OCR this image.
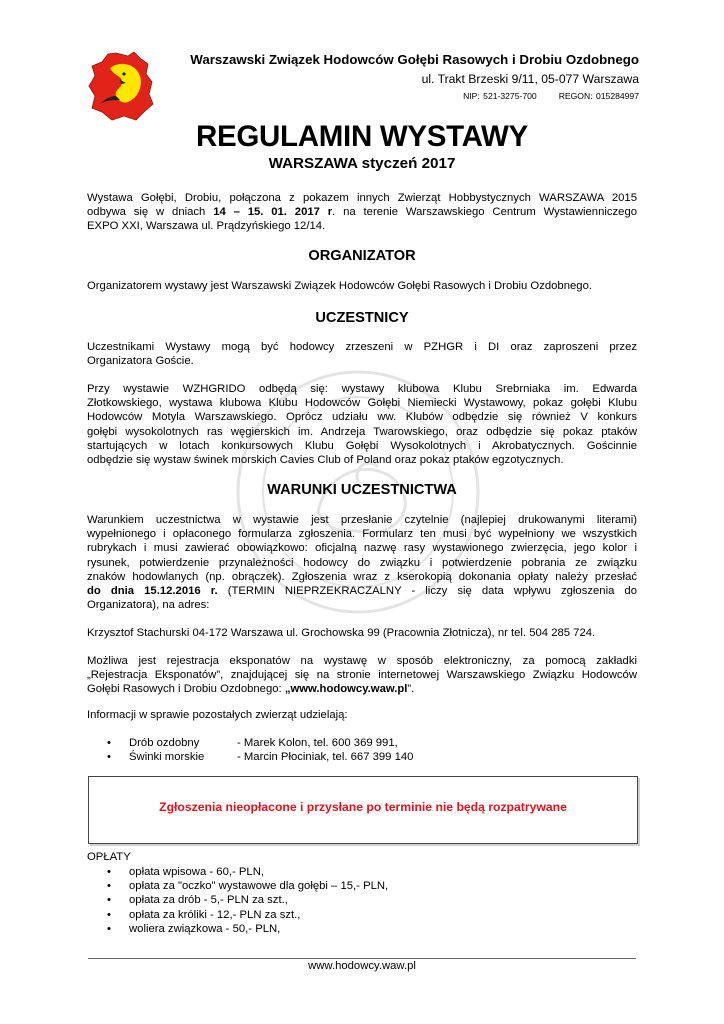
Warszawski Związek Hodowców Gołębi Rasowych i Drobiu Ozdobnego
ul. Trakt Brzeski 9/11, 05-077 Warszawa
NIP: 521-3275-700	REGON: 015284997
REGULAMIN WYSTAWY
WARSZAWA styczeń 2017
Wystawa Gołębi, Drobiu, połączona z pokazem innych Zwierząt Hobbystycznych WARSZAWA 2015
odbywa się w dniach 14 – 15. 01. 2017 r. na terenie Warszawskiego Centrum Wystawienniczego
EXPO XXI, Warszawa ul. Prądzyńskiego 12/14.
ORGANIZATOR
Organizatorem wystawy jest Warszawski Związek Hodowców Gołębi Rasowych i Drobiu Ozdobnego.
UCZESTNICY
Uczestnikami Wystawy mogą być hodowcy zrzeszeni w PZHGR i DI oraz zaproszeni przez
Organizatora Goście.
Przy wystawie WZHGRIDO odbędą się: wystawy klubowa Klubu Srebrniaka im. Edwarda
Złotkowskiego, wystawa klubowa Klubu Hodowców Gołębi Niemiecki Wystawowy, pokaz gołębi Klubu
Hodowców Motyla Warszawskiego. Oprócz udziału ww. Klubów odbędzie się również V konkurs
gołębi wysokolotnych ras węgierskich im. Andrzeja Twarowskiego, oraz odbędzie się pokaz ptaków
startujących w lotach konkursowych Klubu Gołębi Wysokolotnych i Akrobatycznych. Gościnnie
odbędzie się wystaw świnek morskich Cavies Club of Poland oraz pokaz ptaków egzotycznych.
WARUNKI UCZESTNICTWA
Warunkiem uczestnictwa w wystawie jest przesłanie czytelnie (najlepiej drukowanymi literami)
wypełnionego i opłaconego formularza zgłoszenia. Formularz ten musi być wypełniony we wszystkich
rubrykach i musi zawierać obowiązkowo: oficjalną nazwę rasy wystawionego zwierzęcia, jego kolor i
rysunek, potwierdzenie przynależności hodowcy do związku i potwierdzenie pobrania ze związku
znaków hodowlanych (np. obrączek). Zgłoszenia wraz z kserokopią dokonania opłaty należy przesłać
do dnia 15.12.2016 r. (TERMIN NIEPRZEKRACZALNY - liczy się data wpływu zgłoszenia do
Organizatora), na adres:
Krzysztof Stachurski 04-172 Warszawa ul. Grochowska 99 (Pracownia Złotnicza), nr tel. 504 285 724.
Możliwa jest rejestracja eksponatów na wystawę w sposób elektroniczny, za pomocą zakładki
„Rejestracja Eksponatów”, znajdującej się na stronie internetowej Warszawskiego Związku Hodowców
Gołębi Rasowych i Drobiu Ozdobnego: „www.hodowcy.waw.pl”.
Informacji w sprawie pozostałych zwierząt udzielają:
•	Drób ozdobny	- Marek Kolon, tel. 600 369 991,
•	Świnki morskie	- Marcin Płociniak, tel. 667 399 140
Zgłoszenia nieopłacone i przysłane po terminie nie będą rozpatrywane
OPŁATY
•	opłata wpisowa - 60,- PLN,
•	opłata za "oczko" wystawowe dla gołębi – 15,- PLN,
•	opłata za drób - 5,- PLN za szt.,
•	opłata za króliki - 12,- PLN za szt.,
•	woliera związkowa - 50,- PLN,
www.hodowcy.waw.pl
